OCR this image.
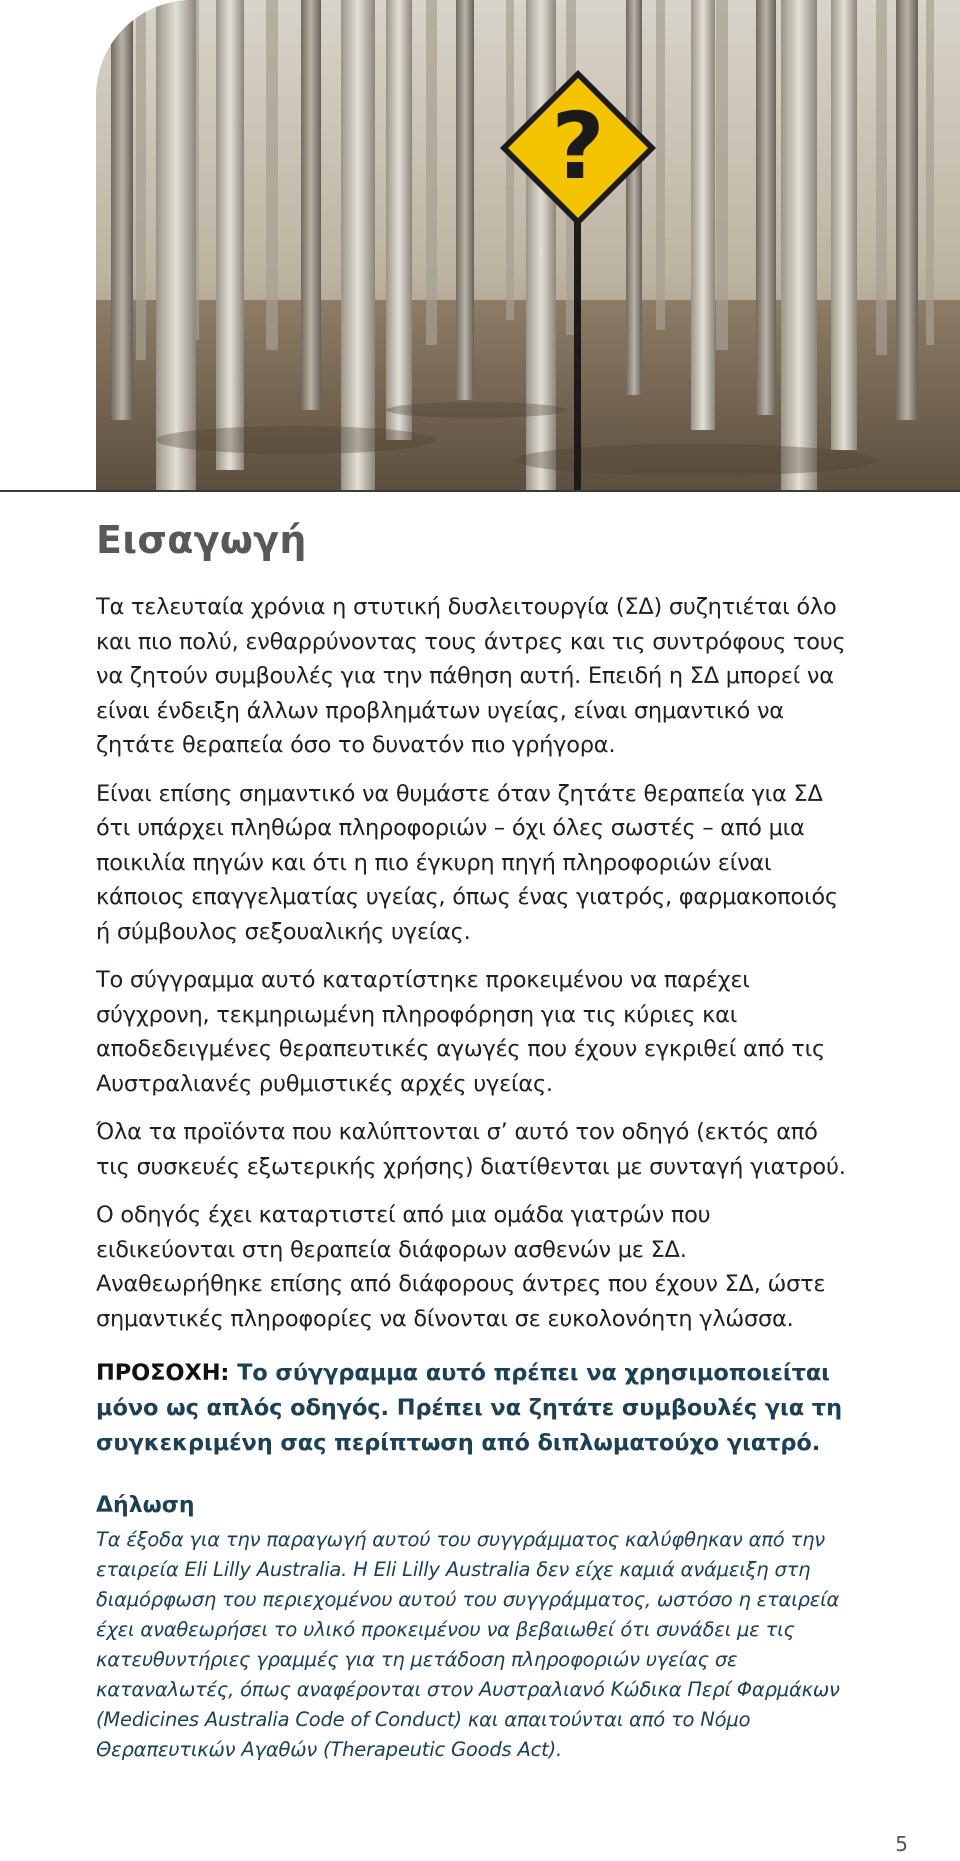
?
Εισαγωγή

Τα τελευταία χρόνια η στυτική δυσλειτουργία (ΣΔ) συζητιέται όλο και πιο πολύ, ενθαρρύνοντας τους άντρες και τις συντρόφους τους να ζητούν συμβουλές για την πάθηση αυτή. Επειδή η ΣΔ μπορεί να είναι ένδειξη άλλων προβλημάτων υγείας, είναι σημαντικό να ζητάτε θεραπεία όσο το δυνατόν πιο γρήγορα.

Είναι επίσης σημαντικό να θυμάστε όταν ζητάτε θεραπεία για ΣΔ ότι υπάρχει πληθώρα πληροφοριών – όχι όλες σωστές – από μια ποικιλία πηγών και ότι η πιο έγκυρη πηγή πληροφοριών είναι κάποιος επαγγελματίας υγείας, όπως ένας γιατρός, φαρμακοποιός ή σύμβουλος σεξουαλικής υγείας.

Το σύγγραμμα αυτό καταρτίστηκε προκειμένου να παρέχει σύγχρονη, τεκμηριωμένη πληροφόρηση για τις κύριες και αποδεδειγμένες θεραπευτικές αγωγές που έχουν εγκριθεί από τις Αυστραλιανές ρυθμιστικές αρχές υγείας.

Όλα τα προϊόντα που καλύπτονται σ’ αυτό τον οδηγό (εκτός από τις συσκευές εξωτερικής χρήσης) διατίθενται με συνταγή γιατρού.

Ο οδηγός έχει καταρτιστεί από μια ομάδα γιατρών που ειδικεύονται στη θεραπεία διάφορων ασθενών με ΣΔ. Αναθεωρήθηκε επίσης από διάφορους άντρες που έχουν ΣΔ, ώστε σημαντικές πληροφορίες να δίνονται σε ευκολονόητη γλώσσα.

ΠΡΟΣΟΧΗ: Το σύγγραμμα αυτό πρέπει να χρησιμοποιείται μόνο ως απλός οδηγός. Πρέπει να ζητάτε συμβουλές για τη συγκεκριμένη σας περίπτωση από διπλωματούχο γιατρό.

Δήλωση

Τα έξοδα για την παραγωγή αυτού του συγγράμματος καλύφθηκαν από την εταιρεία Eli Lilly Australia. Η Eli Lilly Australia δεν είχε καμιά ανάμειξη στη διαμόρφωση του περιεχομένου αυτού του συγγράμματος, ωστόσο η εταιρεία έχει αναθεωρήσει το υλικό προκειμένου να βεβαιωθεί ότι συνάδει με τις κατευθυντήριες γραμμές για τη μετάδοση πληροφοριών υγείας σε καταναλωτές, όπως αναφέρονται στον Αυστραλιανό Κώδικα Περί Φαρμάκων (Medicines Australia Code of Conduct) και απαιτούνται από το Νόμο Θεραπευτικών Αγαθών (Therapeutic Goods Act).

5
